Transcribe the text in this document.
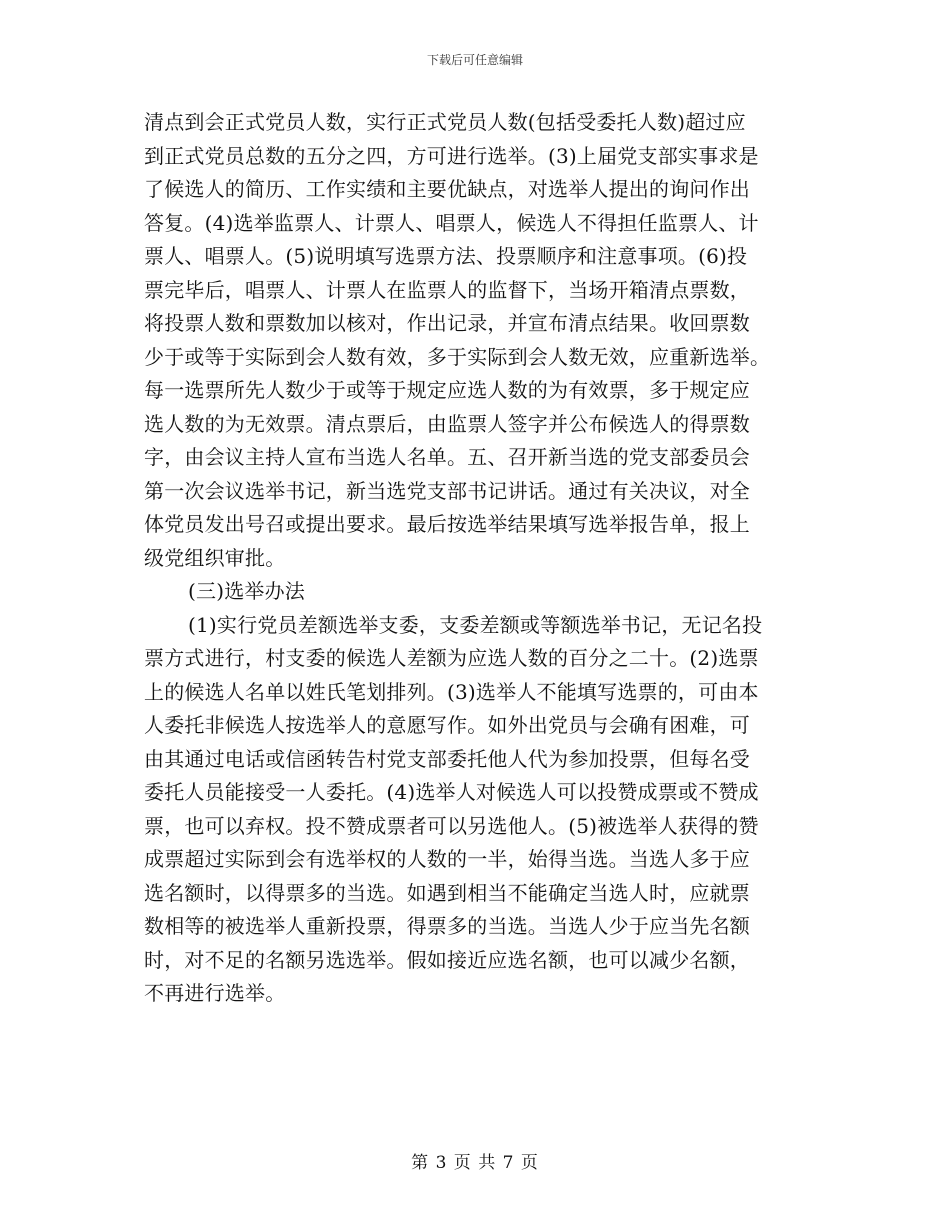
下载后可任意编辑
清点到会正式党员人数，实行正式党员人数(包括受委托人数)超过应
到正式党员总数的五分之四，方可进行选举。(3)上届党支部实事求是
了候选人的简历、工作实绩和主要优缺点，对选举人提出的询问作出
答复。(4)选举监票人、计票人、唱票人，候选人不得担任监票人、计
票人、唱票人。(5)说明填写选票方法、投票顺序和注意事项。(6)投
票完毕后，唱票人、计票人在监票人的监督下，当场开箱清点票数，
将投票人数和票数加以核对，作出记录，并宣布清点结果。收回票数
少于或等于实际到会人数有效，多于实际到会人数无效，应重新选举。
每一选票所先人数少于或等于规定应选人数的为有效票，多于规定应
选人数的为无效票。清点票后，由监票人签字并公布候选人的得票数
字，由会议主持人宣布当选人名单。五、召开新当选的党支部委员会
第一次会议选举书记，新当选党支部书记讲话。通过有关决议，对全
体党员发出号召或提出要求。最后按选举结果填写选举报告单，报上
级党组织审批。
(三)选举办法
(1)实行党员差额选举支委，支委差额或等额选举书记，无记名投
票方式进行，村支委的候选人差额为应选人数的百分之二十。(2)选票
上的候选人名单以姓氏笔划排列。(3)选举人不能填写选票的，可由本
人委托非候选人按选举人的意愿写作。如外出党员与会确有困难，可
由其通过电话或信函转告村党支部委托他人代为参加投票，但每名受
委托人员能接受一人委托。(4)选举人对候选人可以投赞成票或不赞成
票，也可以弃权。投不赞成票者可以另选他人。(5)被选举人获得的赞
成票超过实际到会有选举权的人数的一半，始得当选。当选人多于应
选名额时，以得票多的当选。如遇到相当不能确定当选人时，应就票
数相等的被选举人重新投票，得票多的当选。当选人少于应当先名额
时，对不足的名额另选选举。假如接近应选名额，也可以减少名额，
不再进行选举。
第 3 页 共 7 页
